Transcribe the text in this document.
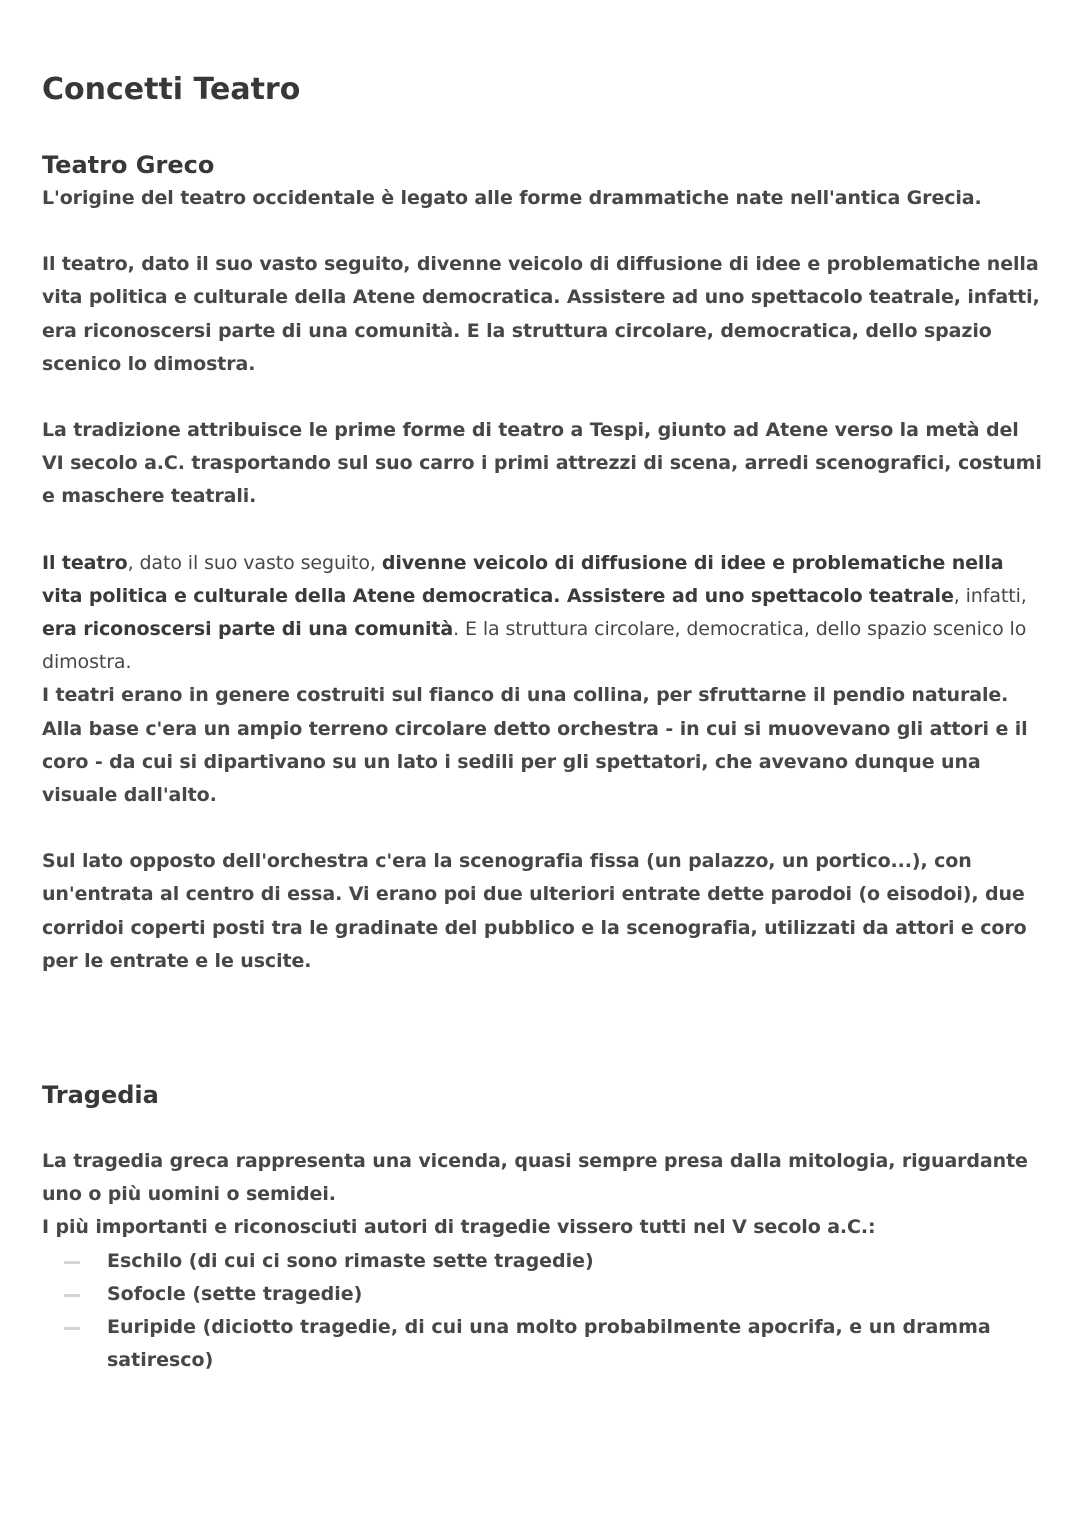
Concetti Teatro
Teatro Greco

L'origine del teatro occidentale è legato alle forme drammatiche nate nell'antica Grecia.

Il teatro, dato il suo vasto seguito, divenne veicolo di diffusione di idee e problematiche nella vita politica e culturale della Atene democratica. Assistere ad uno spettacolo teatrale, infatti, era riconoscersi parte di una comunità. E la struttura circolare, democratica, dello spazio scenico lo dimostra.

La tradizione attribuisce le prime forme di teatro a Tespi, giunto ad Atene verso la metà del VI secolo a.C. trasportando sul suo carro i primi attrezzi di scena, arredi scenografici, costumi e maschere teatrali.

Il teatro, dato il suo vasto seguito, divenne veicolo di diffusione di idee e problematiche nella vita politica e culturale della Atene democratica. Assistere ad uno spettacolo teatrale, infatti, era riconoscersi parte di una comunità. E la struttura circolare, democratica, dello spazio scenico lo dimostra.

I teatri erano in genere costruiti sul fianco di una collina, per sfruttarne il pendio naturale.

Alla base c'era un ampio terreno circolare detto orchestra - in cui si muovevano gli attori e il coro - da cui si dipartivano su un lato i sedili per gli spettatori, che avevano dunque una visuale dall'alto.

Sul lato opposto dell'orchestra c'era la scenografia fissa (un palazzo, un portico...), con un'entrata al centro di essa. Vi erano poi due ulteriori entrate dette parodoi (o eisodoi), due corridoi coperti posti tra le gradinate del pubblico e la scenografia, utilizzati da attori e coro per le entrate e le uscite.

Tragedia

La tragedia greca rappresenta una vicenda, quasi sempre presa dalla mitologia, riguardante uno o più uomini o semidei.

I più importanti e riconosciuti autori di tragedie vissero tutti nel V secolo a.C.:

Eschilo (di cui ci sono rimaste sette tragedie)
Sofocle (sette tragedie)
Euripide (diciotto tragedie, di cui una molto probabilmente apocrifa, e un dramma satiresco)
